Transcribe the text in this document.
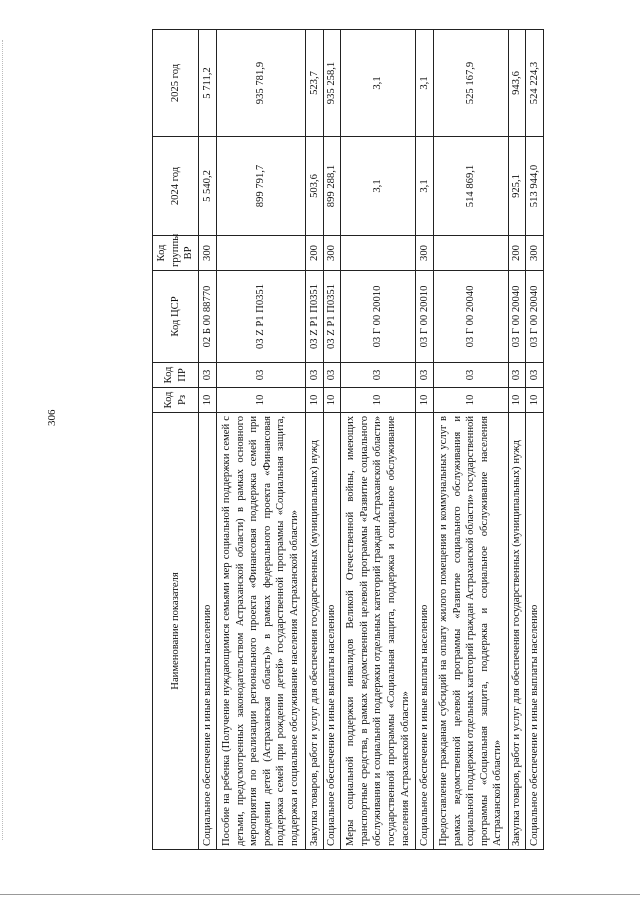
306
Наименование показателя	Код Рз	Код ПР	Код ЦСР	Код группы ВР	2024 год	2025 год
Социальное обеспечение и иные выплаты населению	10	03	02 Б 00 88770	300	5 540,2	5 711,2
Пособие на ребенка (Получение нуждающимися семьями мер социальной поддержки семей с детьми, предусмотренных законодательством Астраханской области) в рамках основного мероприятия по реализации регионального проекта «Финансовая поддержка семей при рождении детей (Астраханская область)» в рамках федерального проекта «Финансовая поддержка семей при рождении детей» государственной программы «Социальная защита, поддержка и социальное обслуживание населения Астраханской области»	10	03	03 Z P1 П0351		899 791,7	935 781,9
Закупка товаров, работ и услуг для обеспечения государственных (муниципальных) нужд	10	03	03 Z P1 П0351	200	503,6	523,7
Социальное обеспечение и иные выплаты населению	10	03	03 Z P1 П0351	300	899 288,1	935 258,1
Меры социальной поддержки инвалидов Великой Отечественной войны, имеющих транспортные средства, в рамках ведомственной целевой программы «Развитие социального обслуживания и социальной поддержки отдельных категорий граждан Астраханской области» государственной программы «Социальная защита, поддержка и социальное обслуживание населения Астраханской области»	10	03	03 Г 00 20010		3,1	3,1
Социальное обеспечение и иные выплаты населению	10	03	03 Г 00 20010	300	3,1	3,1
Предоставление гражданам субсидий на оплату жилого помещения и коммунальных услуг в рамках ведомственной целевой программы «Развитие социального обслуживания и социальной поддержки отдельных категорий граждан Астраханской области» государственной программы «Социальная защита, поддержка и социальное обслуживание населения Астраханской области»	10	03	03 Г 00 20040		514 869,1	525 167,9
Закупка товаров, работ и услуг для обеспечения государственных (муниципальных) нужд	10	03	03 Г 00 20040	200	925,1	943,6
Социальное обеспечение и иные выплаты населению	10	03	03 Г 00 20040	300	513 944,0	524 224,3
